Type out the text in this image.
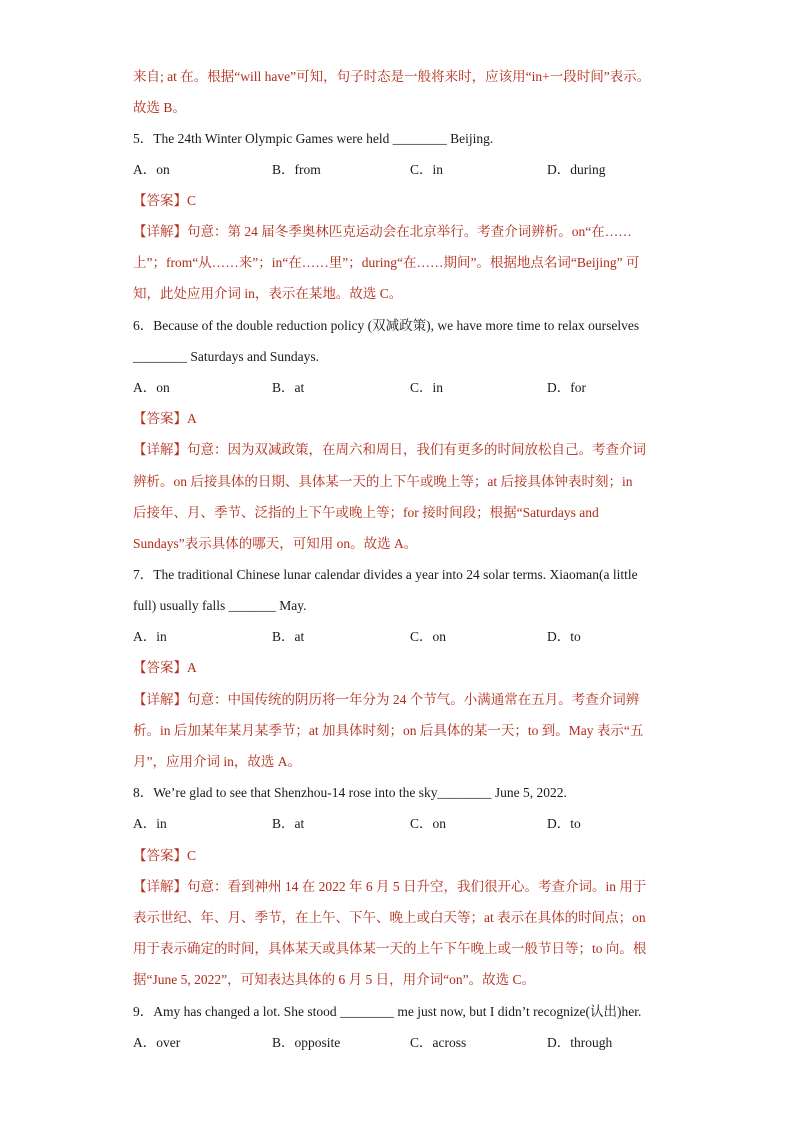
来自; at 在。根据“will have”可知，句子时态是一般将来时，应该用“in+一段时间”表示。
故选 B。
5．The 24th Winter Olympic Games were held ________ Beijing.
A．on	B．from	C．in	D．during
【答案】C
【详解】句意：第 24 届冬季奥林匹克运动会在北京举行。考查介词辨析。on“在……
上”；from“从……来”；in“在……里”；during“在……期间”。根据地点名词“Beijing” 可
知，此处应用介词 in，表示在某地。故选 C。
6．Because of the double reduction policy (双减政策), we have more time to relax ourselves
________ Saturdays and Sundays.
A．on	B．at	C．in	D．for
【答案】A
【详解】句意：因为双减政策，在周六和周日，我们有更多的时间放松自己。考查介词
辨析。on 后接具体的日期、具体某一天的上下午或晚上等；at 后接具体钟表时刻；in
后接年、月、季节、泛指的上下午或晚上等；for 接时间段；根据“Saturdays and
Sundays”表示具体的哪天，可知用 on。故选 A。
7．The traditional Chinese lunar calendar divides a year into 24 solar terms. Xiaoman(a little
full) usually falls _______ May.
A．in	B．at	C．on	D．to
【答案】A
【详解】句意：中国传统的阴历将一年分为 24 个节气。小满通常在五月。考查介词辨
析。in 后加某年某月某季节；at 加具体时刻；on 后具体的某一天；to 到。May 表示“五
月”，应用介词 in，故选 A。
8．We’re glad to see that Shenzhou-14 rose into the sky________ June 5, 2022.
A．in	B．at	C．on	D．to
【答案】C
【详解】句意：看到神州 14 在 2022 年 6 月 5 日升空，我们很开心。考查介词。in 用于
表示世纪、年、月、季节，在上午、下午、晚上或白天等；at 表示在具体的时间点；on
用于表示确定的时间，具体某天或具体某一天的上午下午晚上或一般节日等；to 向。根
据“June 5, 2022”，可知表达具体的 6 月 5 日，用介词“on”。故选 C。
9．Amy has changed a lot. She stood ________ me just now, but I didn’t recognize(认出)her.
A．over	B．opposite	C．across	D．through
